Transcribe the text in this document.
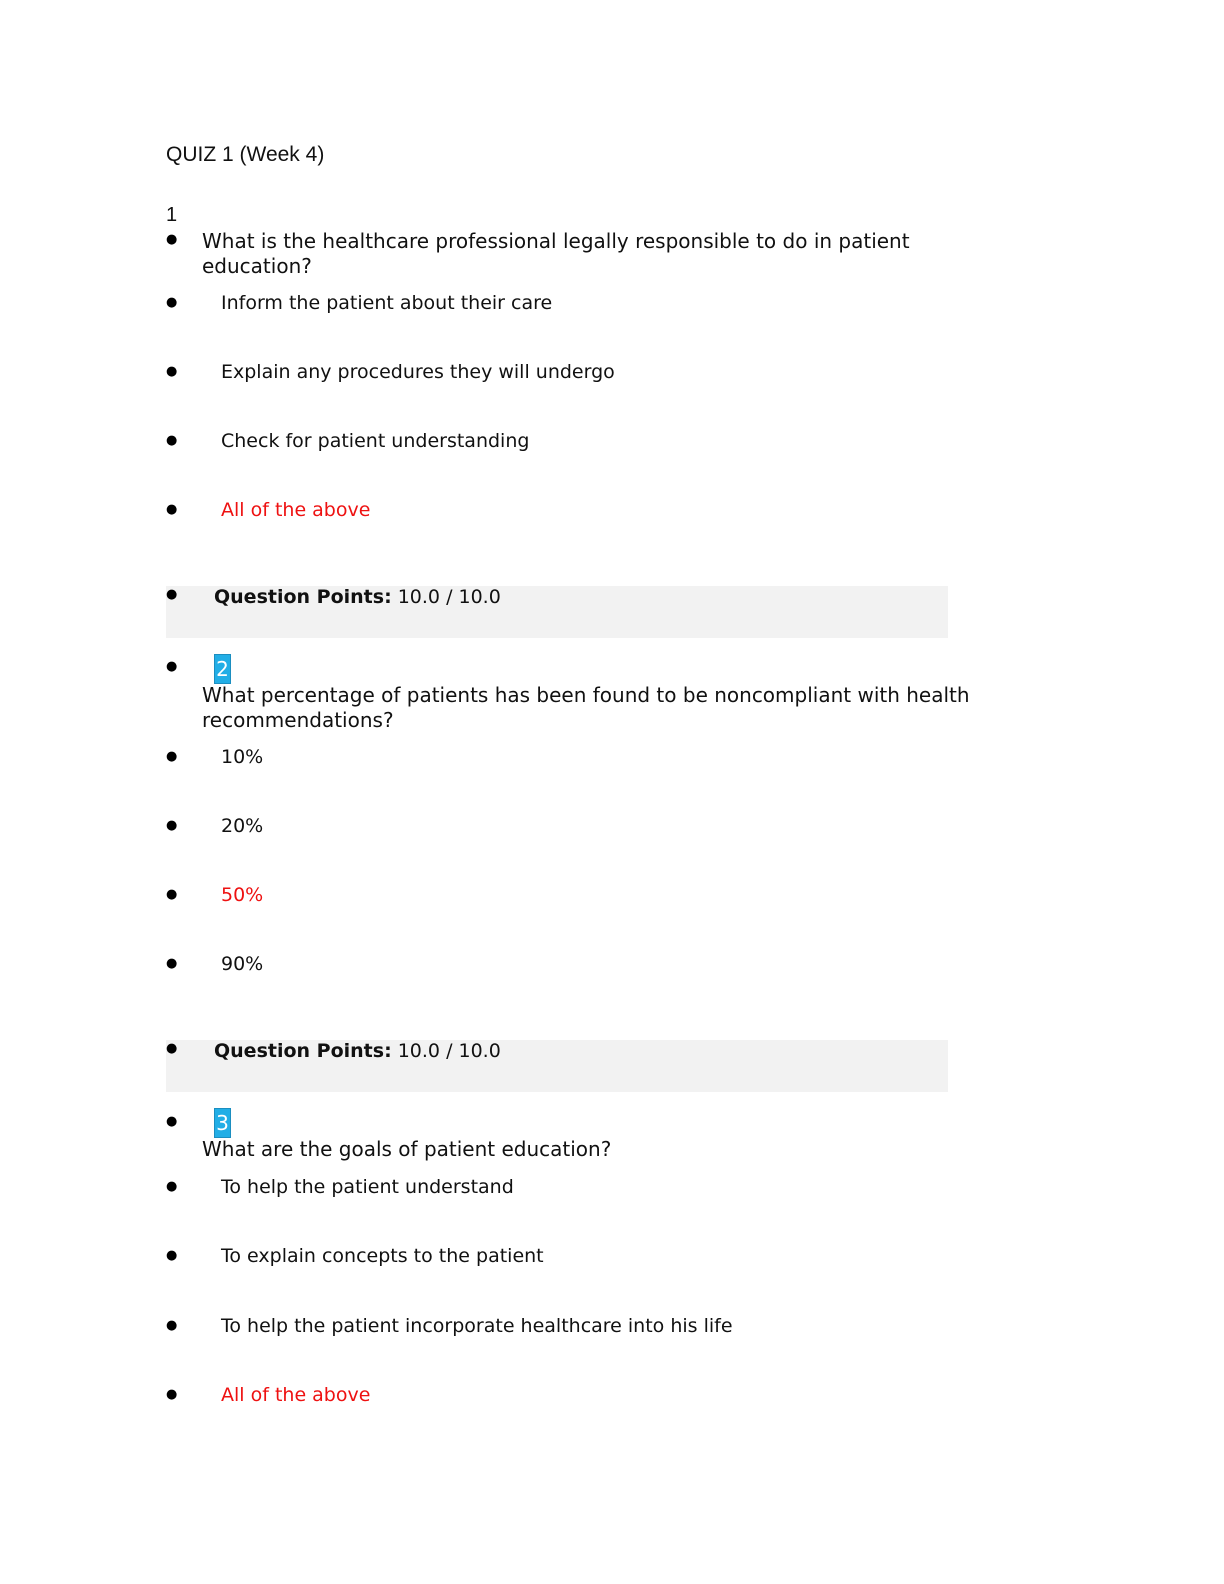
QUIZ 1 (Week 4)
1
● What is the healthcare professional legally responsible to do in patient education?
● Inform the patient about their care
● Explain any procedures they will undergo
● Check for patient understanding
● All of the above
● Question Points: 10.0 / 10.0
● 2
What percentage of patients has been found to be noncompliant with health recommendations?
● 10%
● 20%
● 50%
● 90%
● Question Points: 10.0 / 10.0
● 3
What are the goals of patient education?
● To help the patient understand
● To explain concepts to the patient
● To help the patient incorporate healthcare into his life
● All of the above
